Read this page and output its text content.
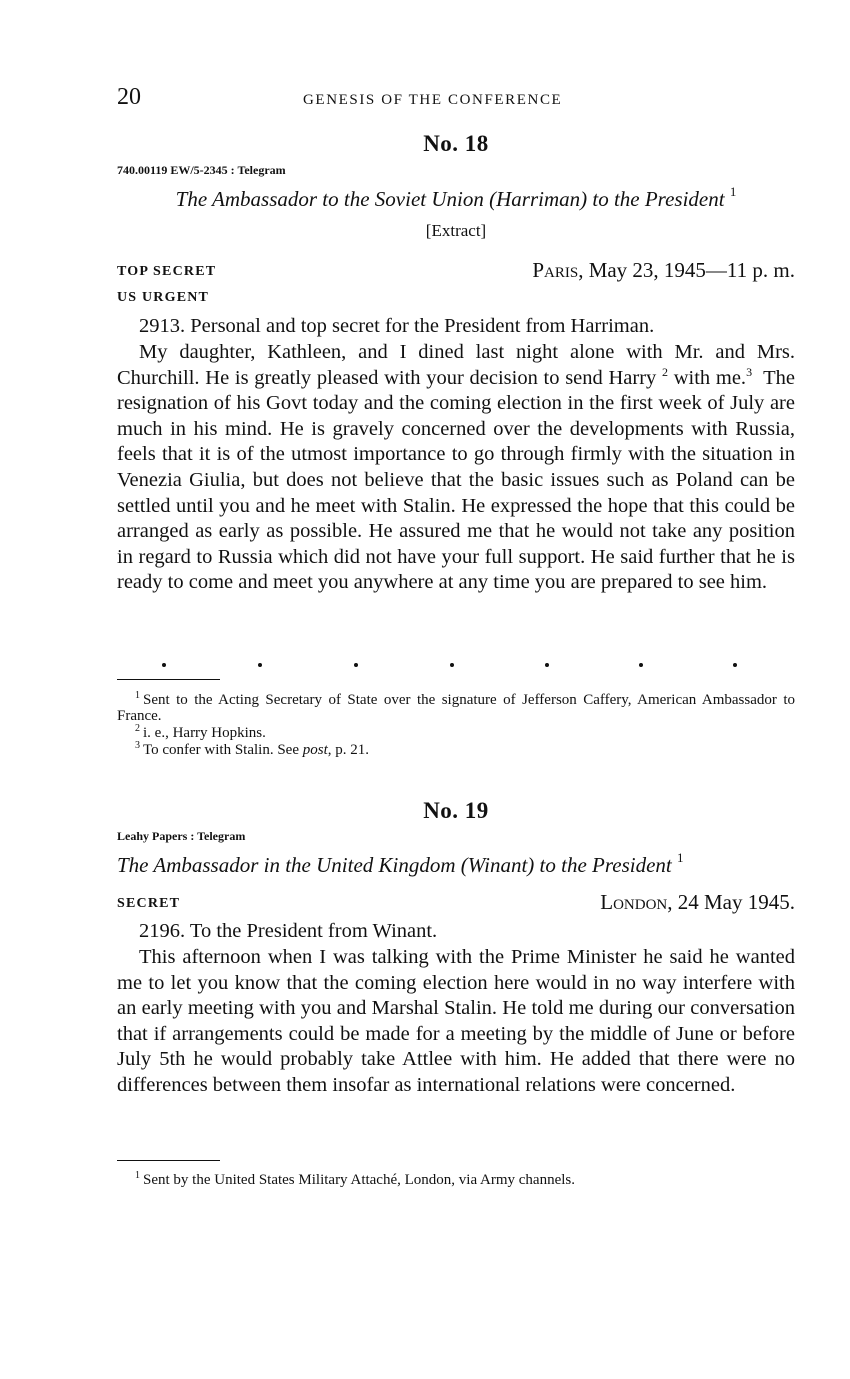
20	GENESIS OF THE CONFERENCE
No. 18
740.00119 EW/5‑2345 : Telegram
The Ambassador to the Soviet Union (Harriman) to the President $^1$
[Extract]
TOP SECRET	Paris, May 23, 1945—11 p. m.
US URGENT
2913. Personal and top secret for the President from Harriman.
My daughter, Kathleen, and I dined last night alone with Mr. and Mrs. Churchill. He is greatly pleased with your decision to send Harry $^2$ with me.$^3$ The resignation of his Govt today and the coming election in the first week of July are much in his mind. He is gravely concerned over the developments with Russia, feels that it is of the utmost importance to go through firmly with the situation in Venezia Giulia, but does not believe that the basic issues such as Poland can be settled until you and he meet with Stalin. He expressed the hope that this could be arranged as early as possible. He assured me that he would not take any position in regard to Russia which did not have your full support. He said further that he is ready to come and meet you anywhere at any time you are prepared to see him.
$^1$ Sent to the Acting Secretary of State over the signature of Jefferson Caffery, American Ambassador to France.
$^2$ i. e., Harry Hopkins.
$^3$ To confer with Stalin. See post, p. 21.
No. 19
Leahy Papers : Telegram
The Ambassador in the United Kingdom (Winant) to the President $^1$
SECRET	London, 24 May 1945.
2196. To the President from Winant.
This afternoon when I was talking with the Prime Minister he said he wanted me to let you know that the coming election here would in no way interfere with an early meeting with you and Marshal Stalin. He told me during our conversation that if arrangements could be made for a meeting by the middle of June or before July 5th he would probably take Attlee with him. He added that there were no differences between them insofar as international relations were concerned.
$^1$ Sent by the United States Military Attaché, London, via Army channels.
